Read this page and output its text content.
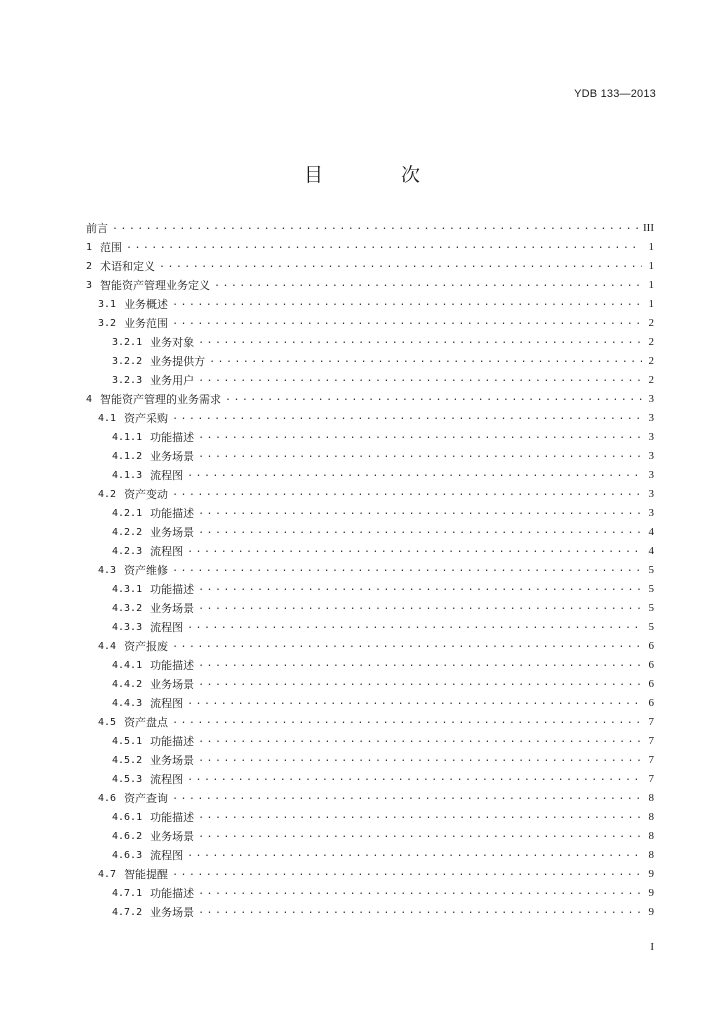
YDB 133—2013
目 次
前言 .....	III
1 范围 .....	1
2 术语和定义 .....	1
3 智能资产管理业务定义 .....	1
3.1 业务概述 .....	1
3.2 业务范围 .....	2
3.2.1 业务对象 .....	2
3.2.2 业务提供方 .....	2
3.2.3 业务用户 .....	2
4 智能资产管理的业务需求 .....	3
4.1 资产采购 .....	3
4.1.1 功能描述 .....	3
4.1.2 业务场景 .....	3
4.1.3 流程图 .....	3
4.2 资产变动 .....	3
4.2.1 功能描述 .....	3
4.2.2 业务场景 .....	4
4.2.3 流程图 .....	4
4.3 资产维修 .....	5
4.3.1 功能描述 .....	5
4.3.2 业务场景 .....	5
4.3.3 流程图 .....	5
4.4 资产报废 .....	6
4.4.1 功能描述 .....	6
4.4.2 业务场景 .....	6
4.4.3 流程图 .....	6
4.5 资产盘点 .....	7
4.5.1 功能描述 .....	7
4.5.2 业务场景 .....	7
4.5.3 流程图 .....	7
4.6 资产查询 .....	8
4.6.1 功能描述 .....	8
4.6.2 业务场景 .....	8
4.6.3 流程图 .....	8
4.7 智能提醒 .....	9
4.7.1 功能描述 .....	9
4.7.2 业务场景 .....	9
I
